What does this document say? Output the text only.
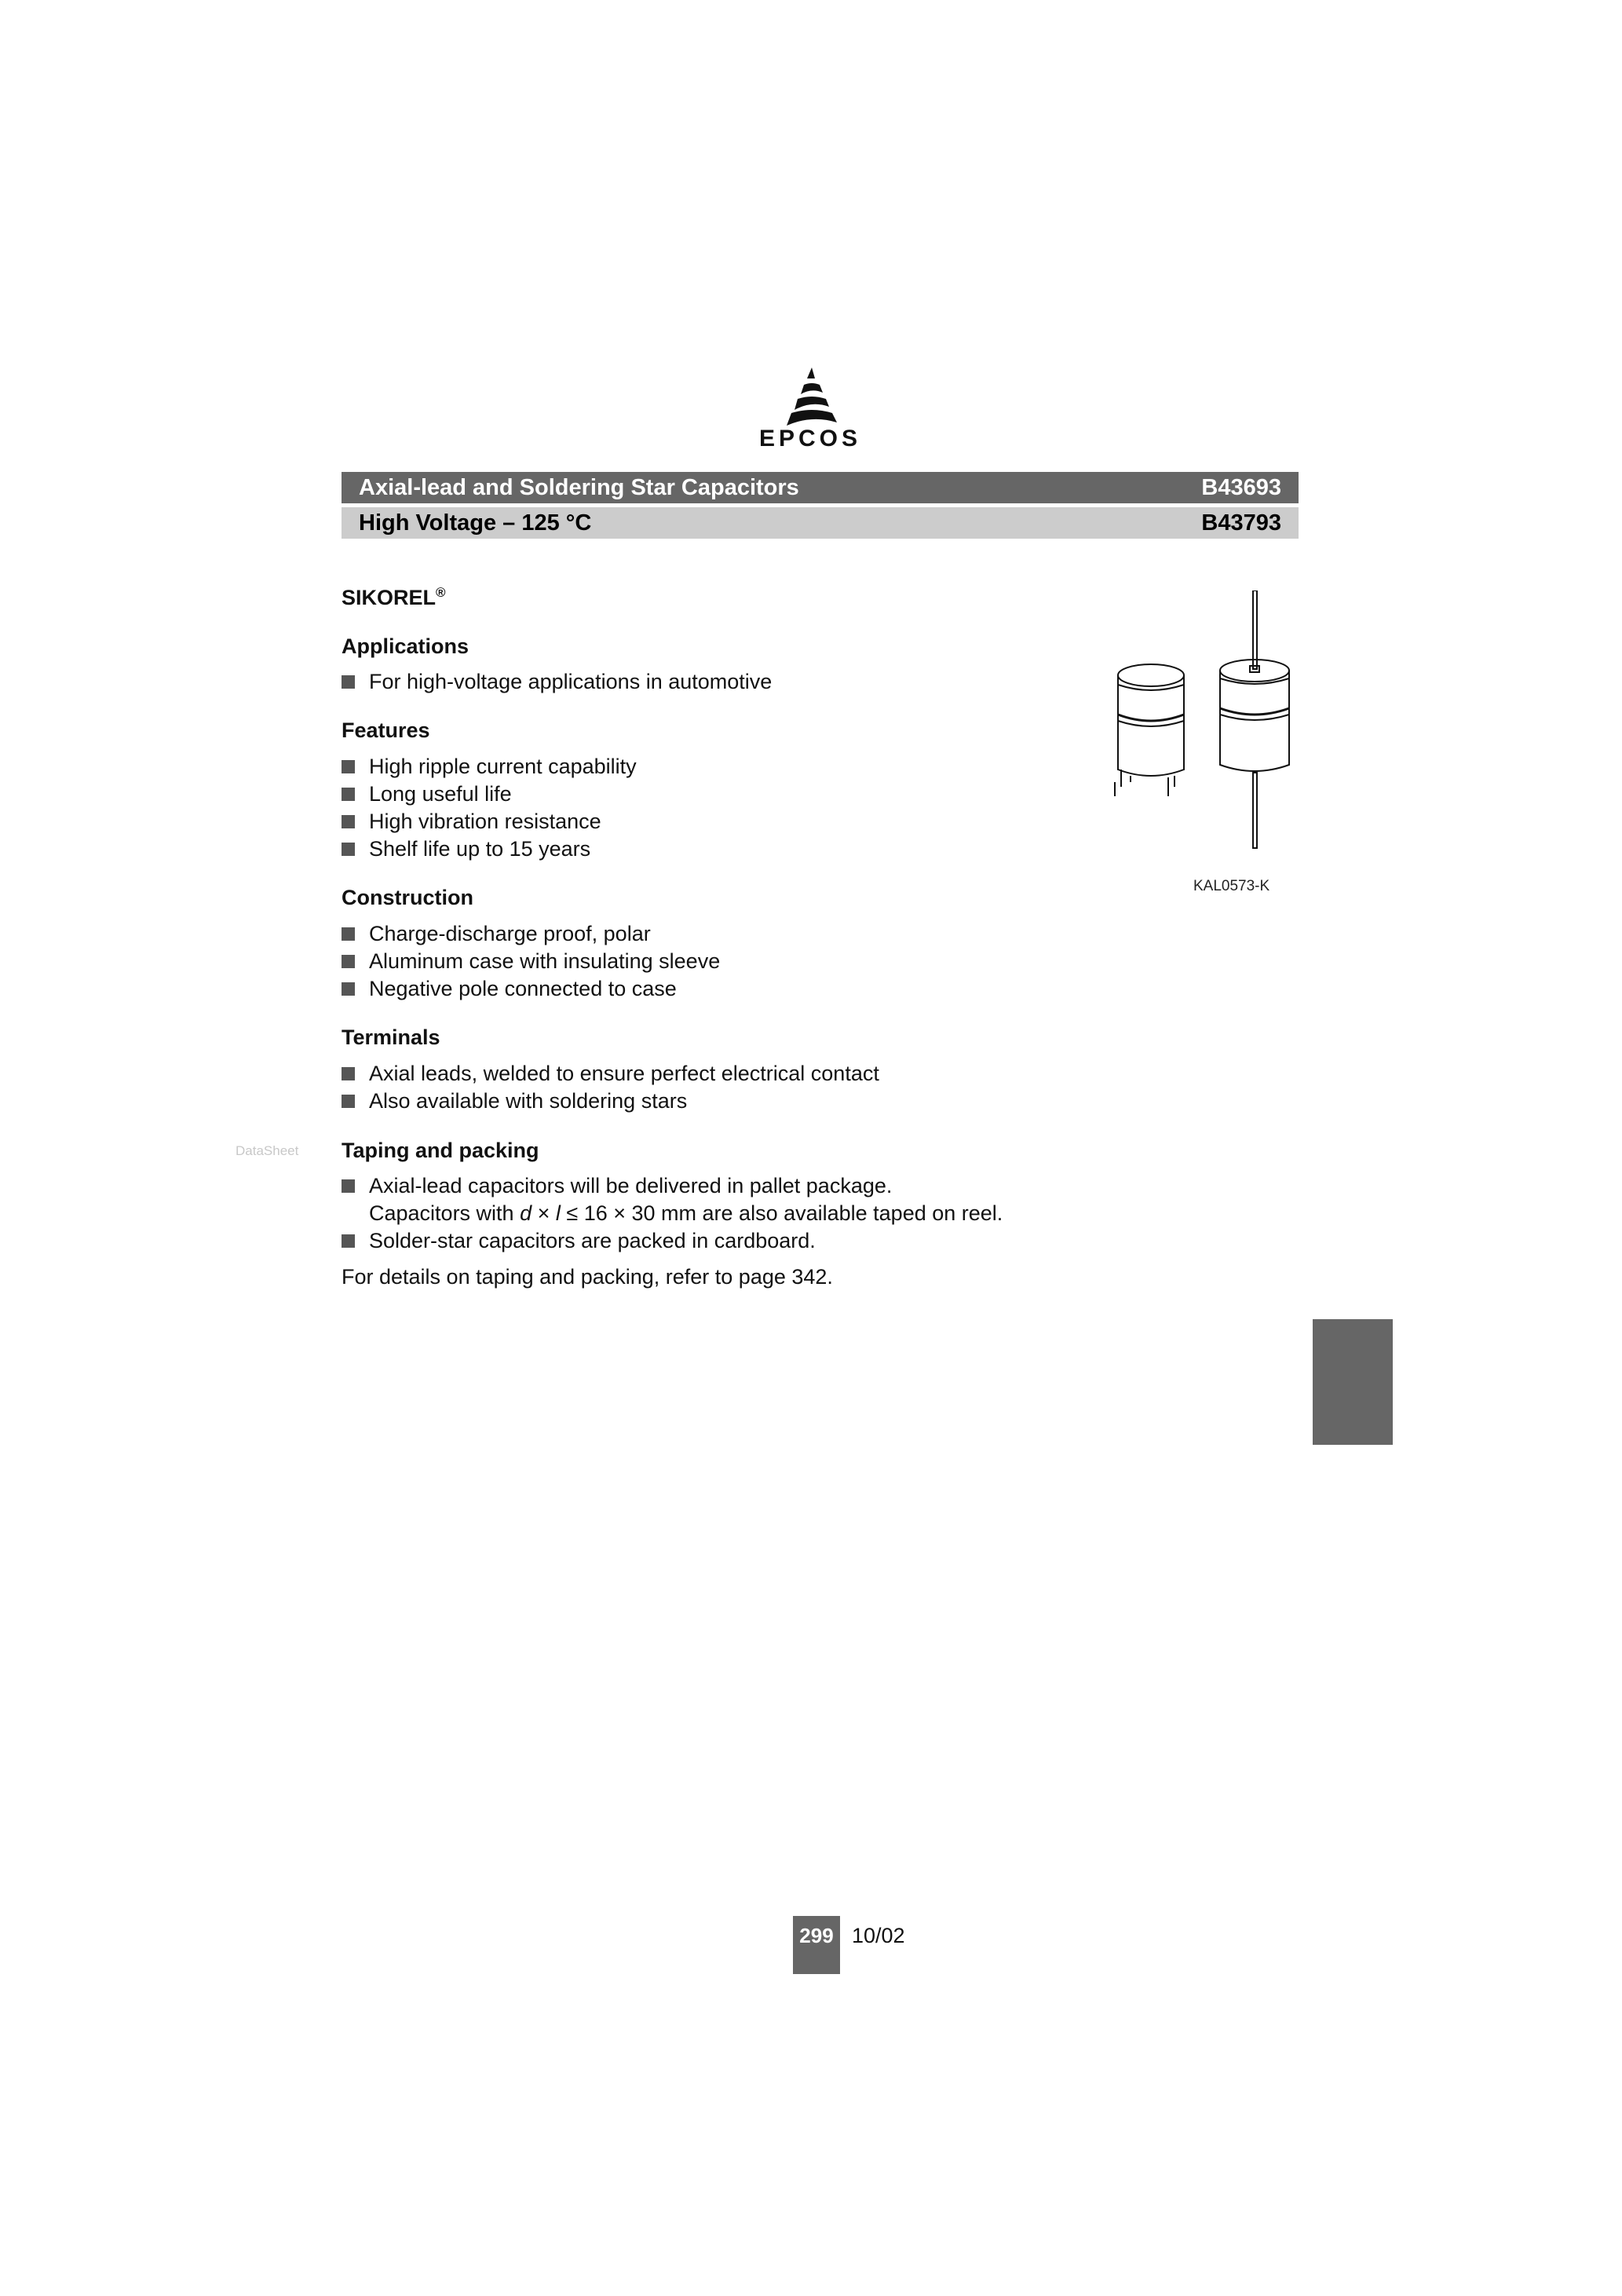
EPCOS
Axial-lead and Soldering Star Capacitors	B43693
High Voltage – 125 °C	B43793
SIKOREL®
Applications
For high-voltage applications in automotive
Features
High ripple current capability
Long useful life
High vibration resistance
Shelf life up to 15 years
Construction
Charge-discharge proof, polar
Aluminum case with insulating sleeve
Negative pole connected to case
Terminals
Axial leads, welded to ensure perfect electrical contact
Also available with soldering stars
DataSheet Taping and packing
Axial-lead capacitors will be delivered in pallet package.
Capacitors with d × l ≤ 16 × 30 mm are also available taped on reel.
Solder-star capacitors are packed in cardboard.
For details on taping and packing, refer to page 342.
KAL0573-K
299 10/02
